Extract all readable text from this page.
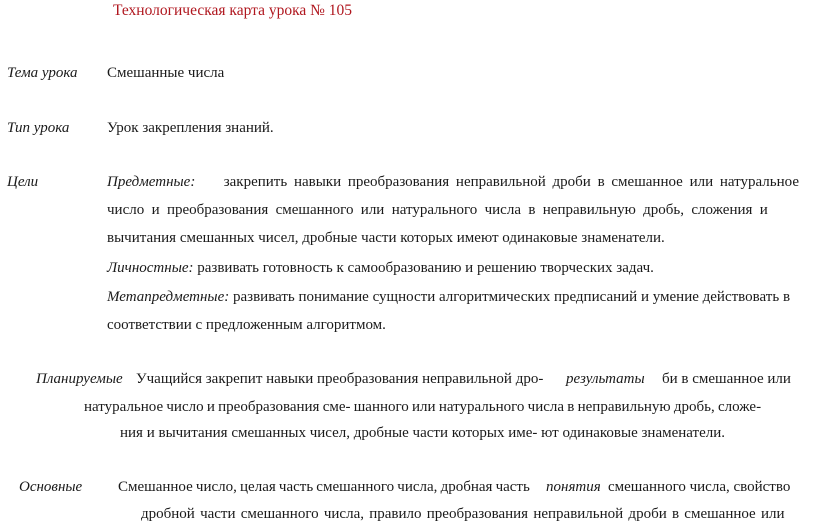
Технологическая карта урока № 105
Тема урока Смешанные числа
Тип урока	Урок закрепления знаний.
Цели	Предметные: закрепить навыки преобразования неправильной дроби в смешанное или натуральное
число и преобразования смешанного или натурального числа в неправильную дробь, сложения и
вычитания смешанных чисел, дробные части которых имеют одинаковые знаменатели.
Личностные: развивать готовность к самообразованию и решению творческих задач.
Метапредметные: развивать понимание сущности алгоритмических предписаний и умение действовать в
соответствии с предложенным алгоритмом.
Планируемые Учащийся закрепит навыки преобразования неправильной дро- результаты би в смешанное или
натуральное число и преобразования сме- шанного или натурального числа в неправильную дробь, сложе-
ния и вычитания смешанных чисел, дробные части которых име- ют одинаковые знаменатели.
Основные Смешанное число, целая часть смешанного числа, дробная часть понятия смешанного числа, свойство
дробной части смешанного числа, правило преобразования неправильной дроби в смешанное или
